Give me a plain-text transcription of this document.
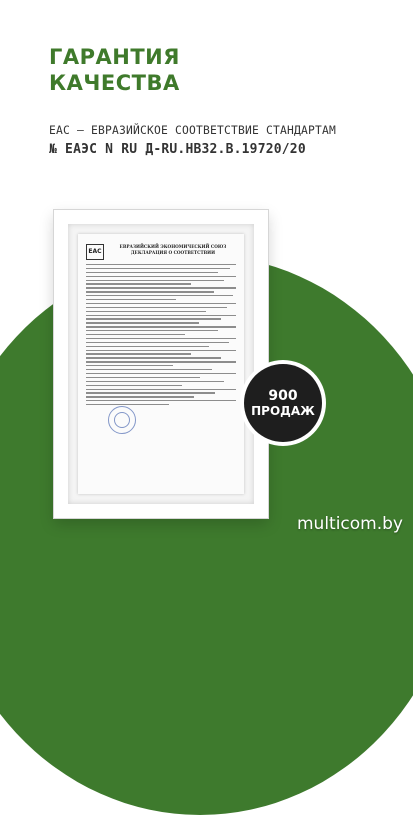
ГАРАНТИЯ
КАЧЕСТВА
EAC – ЕВРАЗИЙСКОЕ СООТВЕТСТВИЕ СТАНДАРТАМ
№ ЕАЭС N RU Д-RU.НВ32.В.19720/20
EAC
ЕВРАЗИЙСКИЙ ЭКОНОМИЧЕСКИЙ СОЮЗ
ДЕКЛАРАЦИЯ О СООТВЕТСТВИИ
900
ПРОДАЖ
multicom.by
